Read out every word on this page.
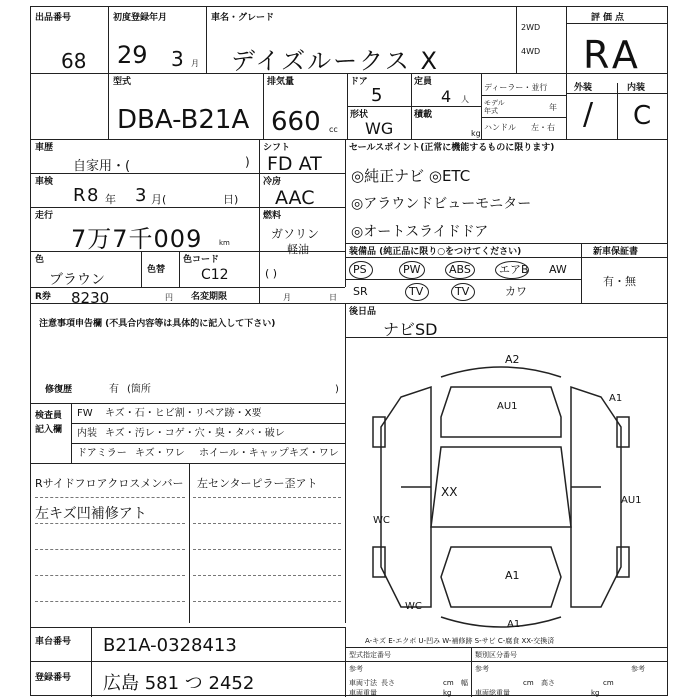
出品番号
68
初度登録年月
29 3 月
車名・グレード
デイズルークス X
2WD
4WD
評価点
RA
型式
DBA-B21A
排気量
660 cc
ドア
5
定員
4 人
ディーラー・並行
モデル
年式	年
形状
WG
積載
kg
ハンドル 左・右
外装	内装
/ C
車歴
自家用・(	)
シフト
FD AT
セールスポイント(正常に機能するものに限ります)
◎純正ナビ ◎ETC
◎アラウンドビューモニター
◎オートスライドドア
車検
R 8 年 3 月(	日)
冷房
AAC
走行
7万7千009 km
燃料
ガソリン
軽油
色
ブラウン
色替
色コード
C12	( )
装備品 (純正品に限り○をつけてください)	新車保証書
PS	PW	ABS	エアB AW
SR	TV	TV	カワ
有・無
R券 8230	円 名変期限	月	日
後日品
ナビSD
注意事項申告欄 (不具合内容等は具体的に記入して下さい)
修復歴	有 (箇所	)
検査員
記入欄
FW キズ・石・ヒビ割・リペア跡・X要
内装 キズ・汚レ・コゲ・穴・臭・タバ・破レ
ドアミラー キズ・ワレ ホイール・キャップ キズ・ワレ
Rサイドフロアクロスメンバー
左キズ凹補修アト
左センターピラー歪アト
A2
AU1
A1
XX
AU1
WC
A1
WC
A1
A-キズ E-エクボ U-凹み W-補修跡 S-サビ C-腐食 XX-交換済
車台番号 B21A-0328413
登録番号 広島 581 つ 2452
型式指定番号
参考
類別区分番号
参考
車両寸法 長さ	cm 幅	cm 高さ	cm
車両重量	kg	車両総重量	kg
参考
